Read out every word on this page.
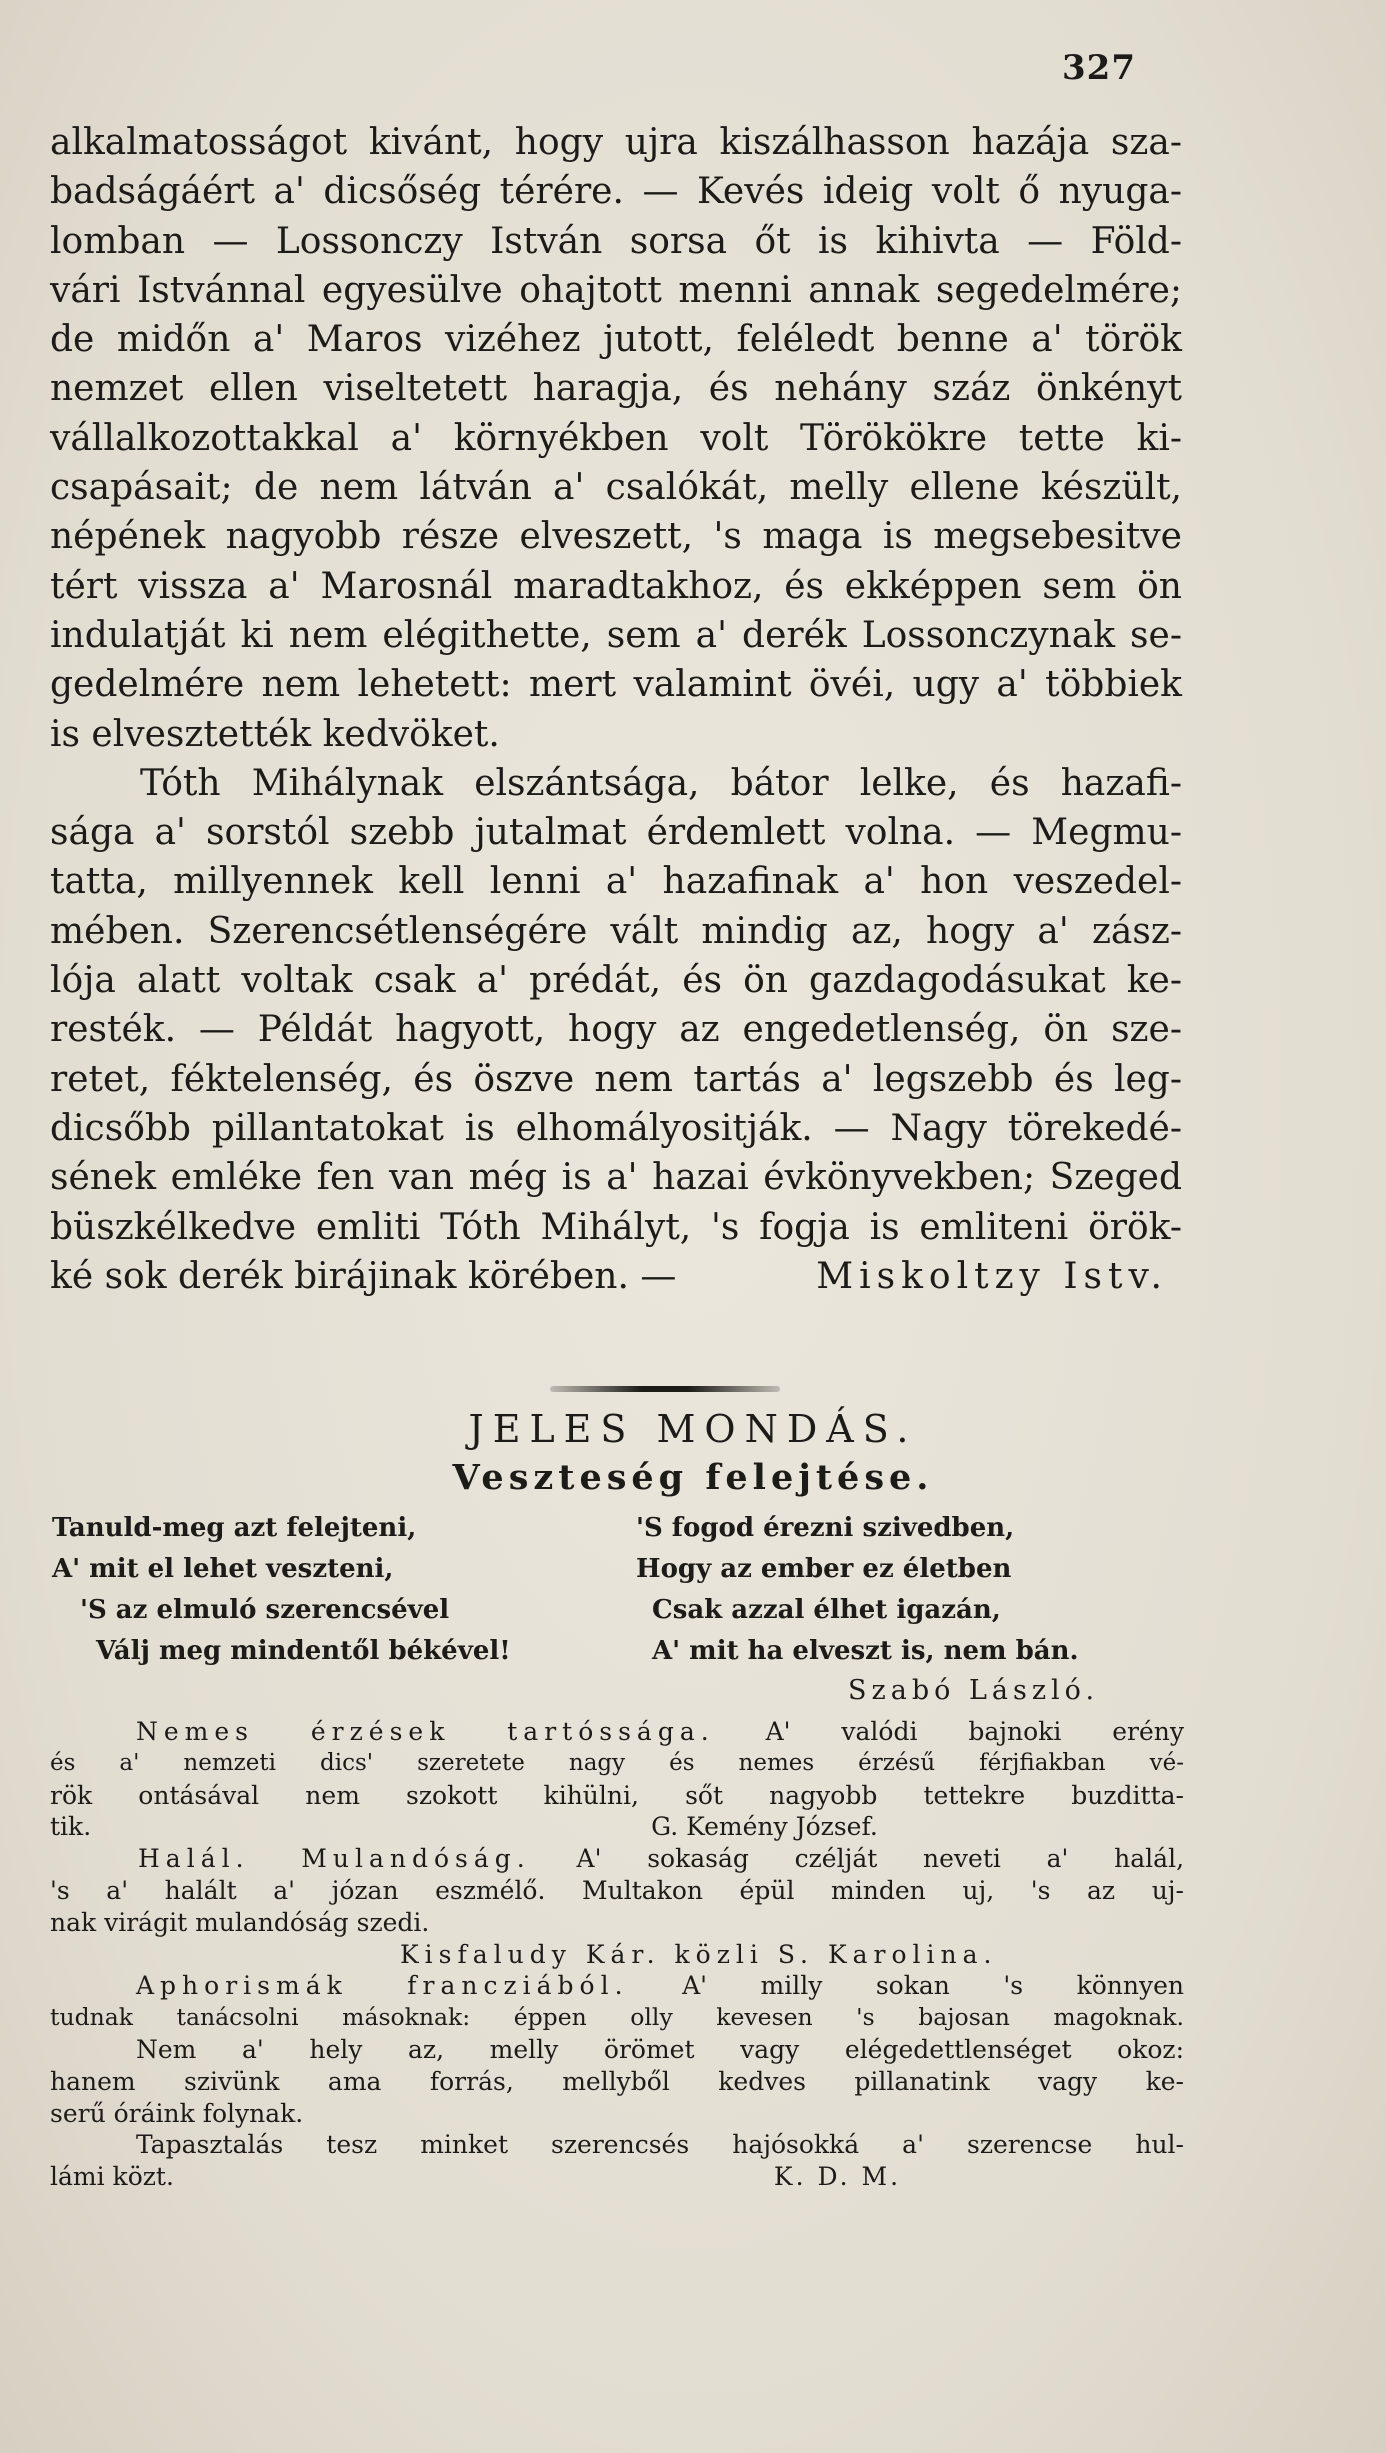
327
alkalmatosságot kivánt, hogy ujra kiszálhasson hazája sza-
badságáért a' dicsőség térére. — Kevés ideig volt ő nyuga-
lomban — Lossonczy István sorsa őt is kihivta — Föld-
vári Istvánnal egyesülve ohajtott menni annak segedelmére;
de midőn a' Maros vizéhez jutott, feléledt benne a' török
nemzet ellen viseltetett haragja, és nehány száz önkényt
vállalkozottakkal a' környékben volt Törökökre tette ki-
csapásait; de nem látván a' csalókát, melly ellene készült,
népének nagyobb része elveszett, 's maga is megsebesitve
tért vissza a' Marosnál maradtakhoz, és ekképpen sem ön
indulatját ki nem elégithette, sem a' derék Lossonczynak se-
gedelmére nem lehetett: mert valamint övéi, ugy a' többiek
is elvesztették kedvöket.
Tóth Mihálynak elszántsága, bátor lelke, és hazafi-
sága a' sorstól szebb jutalmat érdemlett volna. — Megmu-
tatta, millyennek kell lenni a' hazafinak a' hon veszedel-
mében. Szerencsétlenségére vált mindig az, hogy a' zász-
lója alatt voltak csak a' prédát, és ön gazdagodásukat ke-
resték. — Példát hagyott, hogy az engedetlenség, ön sze-
retet, féktelenség, és öszve nem tartás a' legszebb és leg-
dicsőbb pillantatokat is elhomályositják. — Nagy törekedé-
sének emléke fen van még is a' hazai évkönyvekben; Szeged
büszkélkedve emliti Tóth Mihályt, 's fogja is emliteni örök-
ké sok derék birájinak körében. —	Miskoltzy Istv.
JELES MONDÁS.
Veszteség felejtése.
Tanuld-meg azt felejteni,
A' mit el lehet veszteni,
'S az elmuló szerencsével
Válj meg mindentől békével!
'S fogod érezni szivedben,
Hogy az ember ez életben
Csak azzal élhet igazán,
A' mit ha elveszt is, nem bán.
Szabó László.
Nemes érzések tartóssága. A' valódi bajnoki erény
és a' nemzeti dics' szeretete nagy és nemes érzésű férjfiakban vé-
rök ontásával nem szokott kihülni, sőt nagyobb tettekre buzditta-
tik.	G. Kemény József.
Halál. Mulandóság. A' sokaság czélját neveti a' halál,
's a' halált a' józan eszmélő. Multakon épül minden uj, 's az uj-
nak virágit mulandóság szedi.
Kisfaludy Kár. közli S. Karolina.
Aphorismák francziából. A' milly sokan 's könnyen
tudnak tanácsolni másoknak: éppen olly kevesen 's bajosan magoknak.
Nem a' hely az, melly örömet vagy elégedettlenséget okoz:
hanem szivünk ama forrás, mellyből kedves pillanatink vagy ke-
serű óráink folynak.
Tapasztalás tesz minket szerencsés hajósokká a' szerencse hul-
lámi közt.	K. D. M.
